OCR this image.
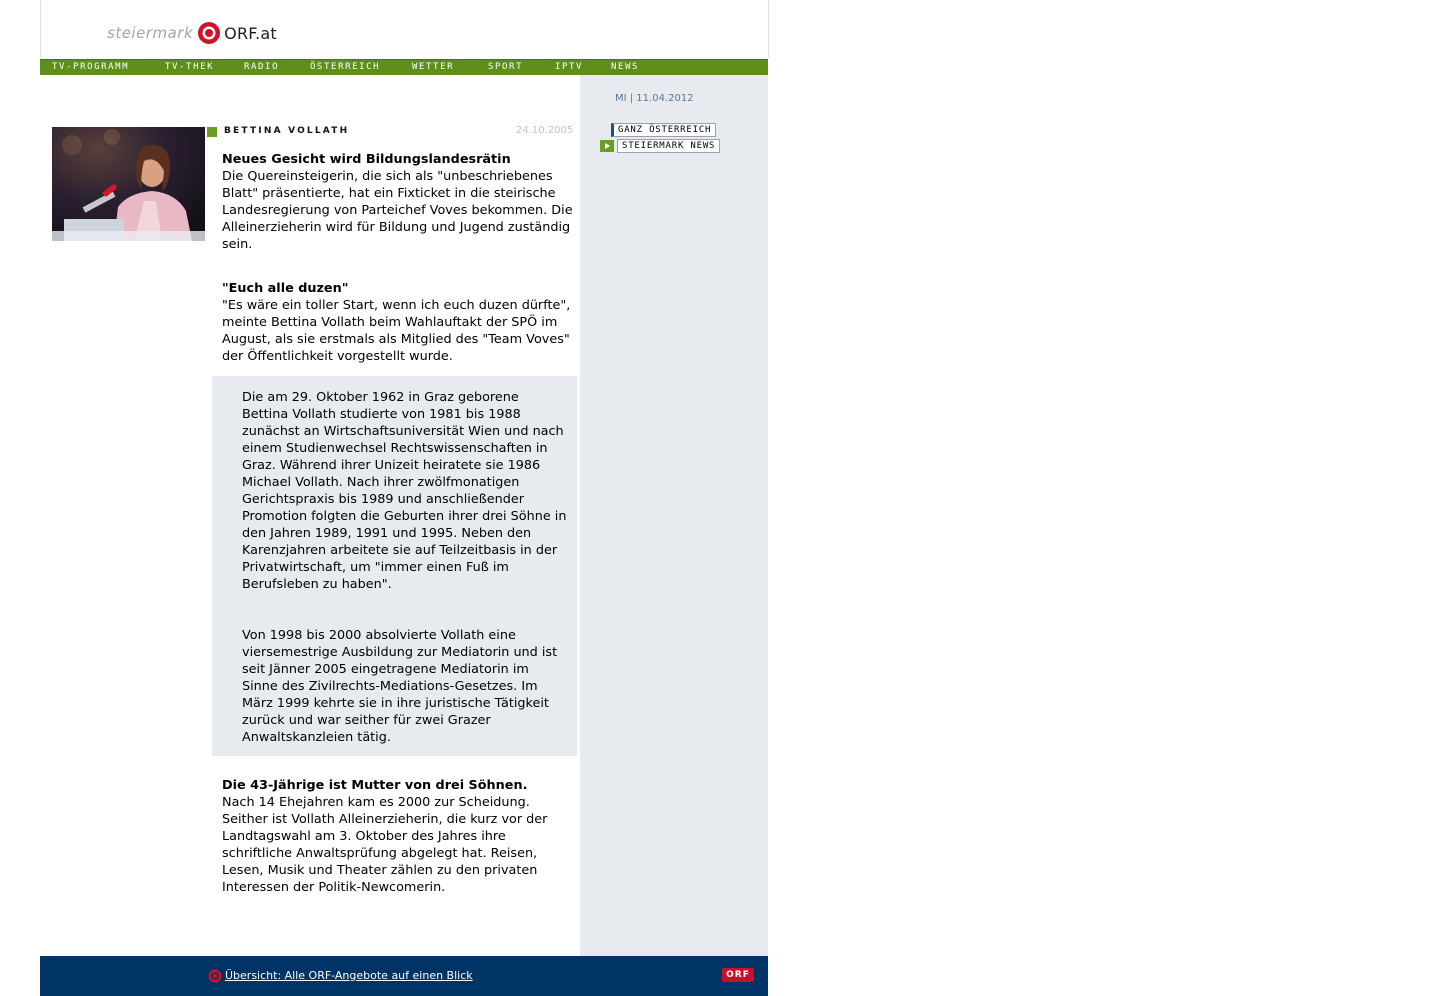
steiermark ORF.at
TV-PROGRAMM	TV-THEK	RADIO	ÖSTERREICH	WETTER	SPORT	IPTV	NEWS
BETTINA VOLLATH	24.10.2005
Neues Gesicht wird Bildungslandesrätin
Die Quereinsteigerin, die sich als "unbeschriebenes Blatt" präsentierte, hat ein Fixticket in die steirische Landesregierung von Parteichef Voves bekommen. Die Alleinerzieherin wird für Bildung und Jugend zuständig sein.
"Euch alle duzen"
"Es wäre ein toller Start, wenn ich euch duzen dürfte", meinte Bettina Vollath beim Wahlauftakt der SPÖ im August, als sie erstmals als Mitglied des "Team Voves" der Öffentlichkeit vorgestellt wurde.
Die am 29. Oktober 1962 in Graz geborene Bettina Vollath studierte von 1981 bis 1988 zunächst an Wirtschaftsuniversität Wien und nach einem Studienwechsel Rechtswissenschaften in Graz. Während ihrer Unizeit heiratete sie 1986 Michael Vollath. Nach ihrer zwölfmonatigen Gerichtspraxis bis 1989 und anschließender Promotion folgten die Geburten ihrer drei Söhne in den Jahren 1989, 1991 und 1995. Neben den Karenzjahren arbeitete sie auf Teilzeitbasis in der Privatwirtschaft, um "immer einen Fuß im Berufsleben zu haben".
Von 1998 bis 2000 absolvierte Vollath eine viersemestrige Ausbildung zur Mediatorin und ist seit Jänner 2005 eingetragene Mediatorin im Sinne des Zivilrechts-Mediations-Gesetzes. Im März 1999 kehrte sie in ihre juristische Tätigkeit zurück und war seither für zwei Grazer Anwaltskanzleien tätig.
Die 43-Jährige ist Mutter von drei Söhnen.
Nach 14 Ehejahren kam es 2000 zur Scheidung. Seither ist Vollath Alleinerzieherin, die kurz vor der Landtagswahl am 3. Oktober des Jahres ihre schriftliche Anwaltsprüfung abgelegt hat. Reisen, Lesen, Musik und Theater zählen zu den privaten Interessen der Politik-Newcomerin.
MI | 11.04.2012
GANZ ÖSTERREICH
STEIERMARK NEWS
Übersicht: Alle ORF-Angebote auf einen Blick	ORF
